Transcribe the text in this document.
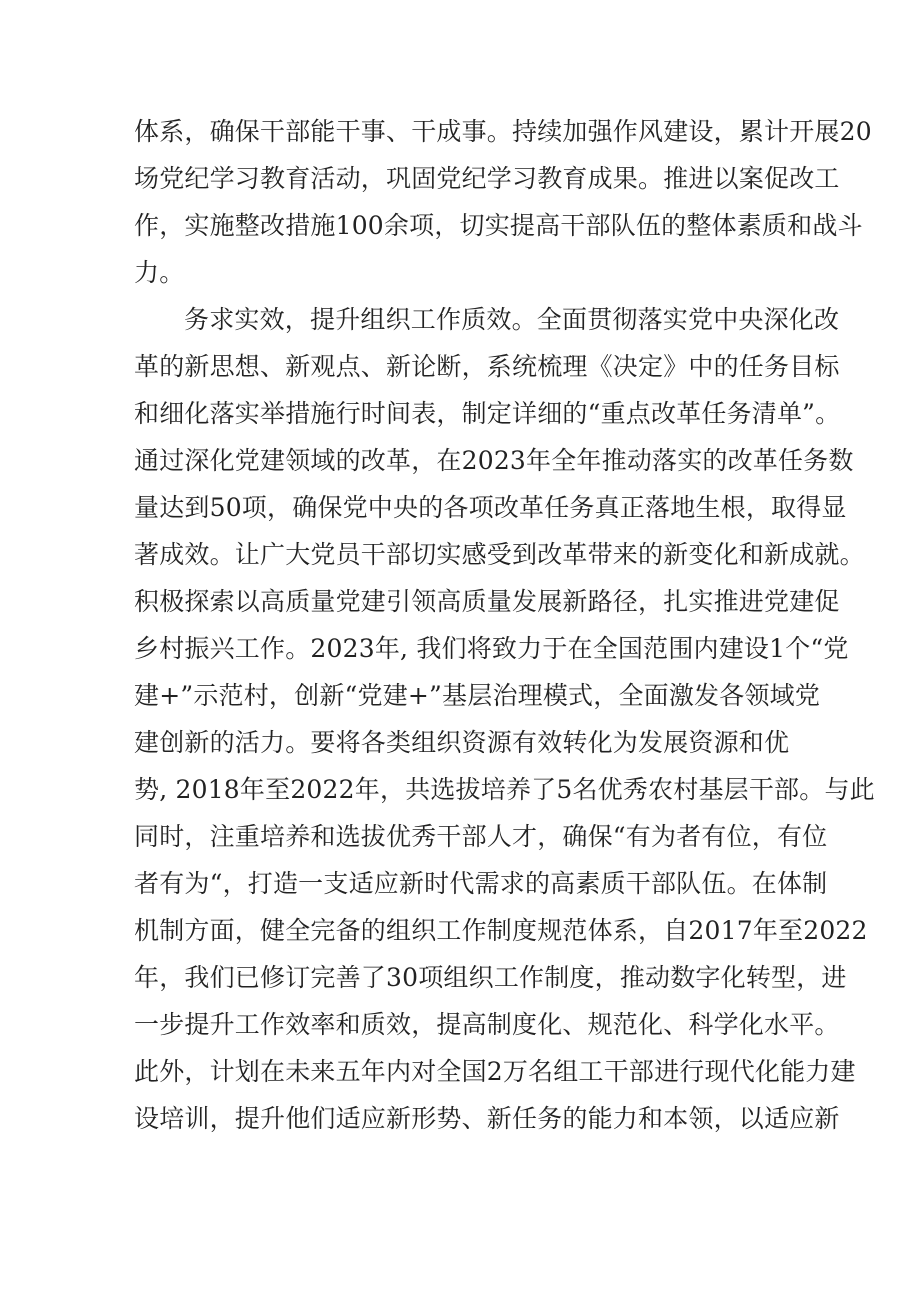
体系，确保干部能干事、干成事。持续加强作风建设，累计开展20
场党纪学习教育活动，巩固党纪学习教育成果。推进以案促改工
作，实施整改措施100余项，切实提高干部队伍的整体素质和战斗
力。
务求实效，提升组织工作质效。全面贯彻落实党中央深化改
革的新思想、新观点、新论断，系统梳理《决定》中的任务目标
和细化落实举措施行时间表，制定详细的“重点改革任务清单”。
通过深化党建领域的改革，在2023年全年推动落实的改革任务数
量达到50项，确保党中央的各项改革任务真正落地生根，取得显
著成效。让广大党员干部切实感受到改革带来的新变化和新成就。
积极探索以高质量党建引领高质量发展新路径，扎实推进党建促
乡村振兴工作。2023年, 我们将致力于在全国范围内建设1个“党
建+”示范村，创新“党建+”基层治理模式，全面激发各领域党
建创新的活力。要将各类组织资源有效转化为发展资源和优
势, 2018年至2022年，共选拔培养了5名优秀农村基层干部。与此
同时，注重培养和选拔优秀干部人才，确保“有为者有位，有位
者有为“，打造一支适应新时代需求的高素质干部队伍。在体制
机制方面，健全完备的组织工作制度规范体系，自2017年至2022
年，我们已修订完善了30项组织工作制度，推动数字化转型，进
一步提升工作效率和质效，提高制度化、规范化、科学化水平。
此外，计划在未来五年内对全国2万名组工干部进行现代化能力建
设培训，提升他们适应新形势、新任务的能力和本领，以适应新
